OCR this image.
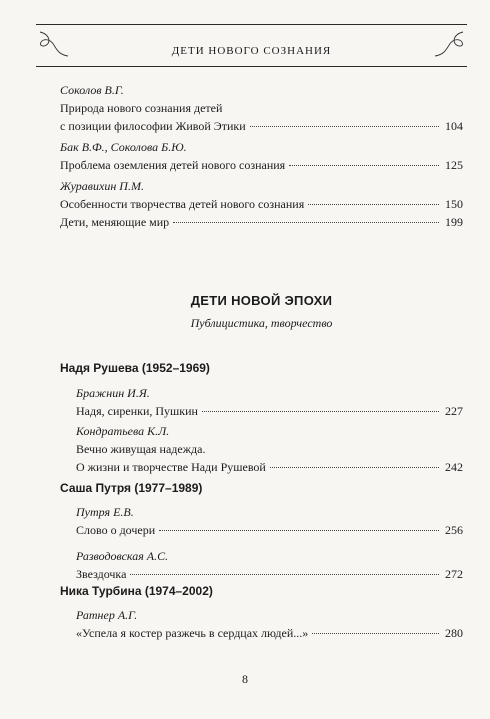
ДЕТИ НОВОГО СОЗНАНИЯ
Соколов В.Г.
Природа нового сознания детей
с позиции философии Живой Этики	104
Бак В.Ф., Соколова Б.Ю.
Проблема оземления детей нового сознания	125
Журавихин П.М.
Особенности творчества детей нового сознания	150
Дети, меняющие мир	199
ДЕТИ НОВОЙ ЭПОХИ
Публицистика, творчество
Надя Рушева (1952–1969)
Бражнин И.Я.
Надя, сиренки, Пушкин	227
Кондратьева К.Л.
Вечно живущая надежда.
О жизни и творчестве Нади Рушевой	242
Саша Путря (1977–1989)
Путря Е.В.
Слово о дочери	256
Разводовская А.С.
Звездочка	272
Ника Турбина (1974–2002)
Ратнер А.Г.
«Успела я костер разжечь в сердцах людей...»	280
8
